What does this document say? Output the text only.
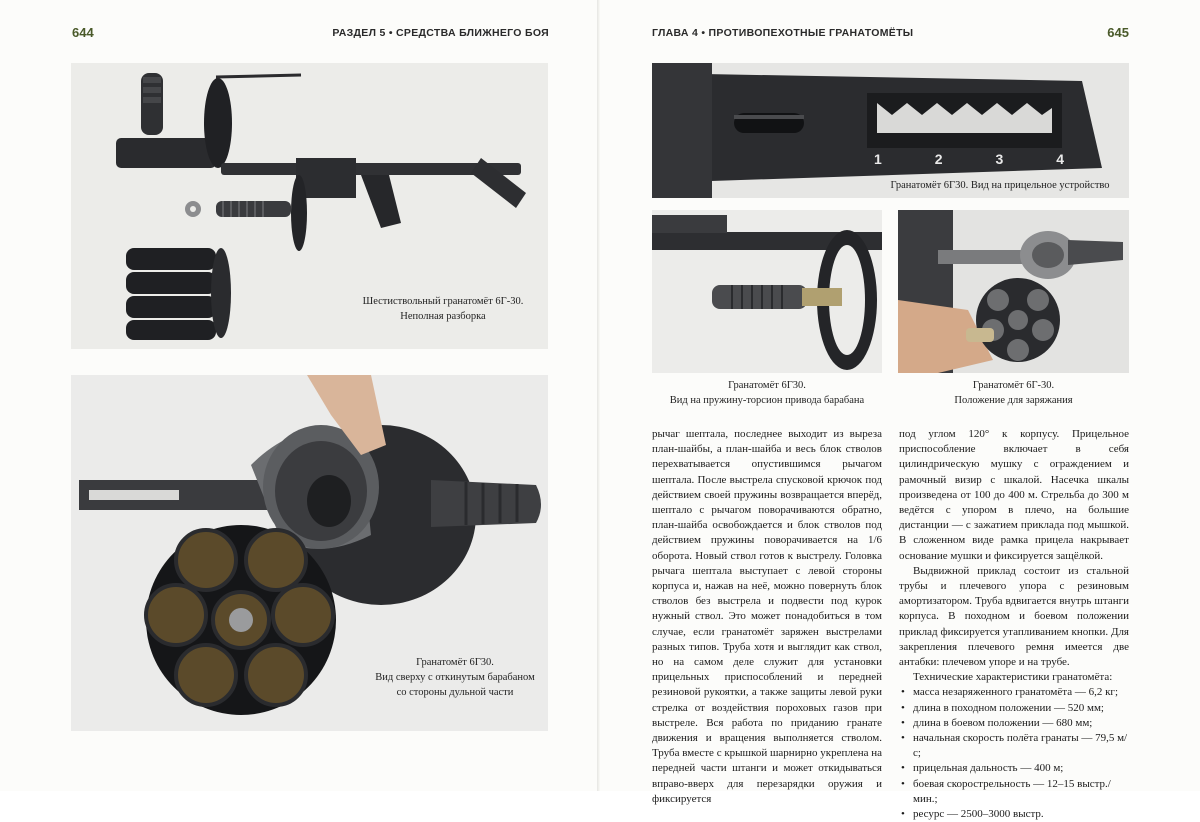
644	РАЗДЕЛ 5 • СРЕДСТВА БЛИЖНЕГО БОЯ
Шестиствольный гранатомёт 6Г-30.
Неполная разборка
Гранатомёт 6Г30.
Вид сверху с откинутым барабаном
со стороны дульной части
ГЛАВА 4 • ПРОТИВОПЕХОТНЫЕ ГРАНАТОМЁТЫ	645
1	2	3	4
Гранатомёт 6Г30. Вид на прицельное устройство
Гранатомёт 6Г30.
Вид на пружину-торсион привода барабана
Гранатомёт 6Г-30.
Положение для заряжания

рычаг шептала, последнее выходит из выреза план-шайбы, а план-шайба и весь блок стволов перехватывается опустившимся рычагом шептала. После выстрела спусковой крючок под действием своей пружины возвращается вперёд, шептало с рычагом поворачиваются обратно, план-шайба освобождается и блок стволов под действием пружины поворачивается на 1/6 оборота. Новый ствол готов к выстрелу. Головка рычага шептала выступает с левой стороны корпуса и, нажав на неё, можно повернуть блок стволов без выстрела и подвести под курок нужный ствол. Это может понадобиться в том случае, если гранатомёт заряжен выстрелами разных типов. Труба хотя и выглядит как ствол, но на самом деле служит для установки прицельных приспособлений и передней резиновой рукоятки, а также защиты левой руки стрелка от воздействия пороховых газов при выстреле. Вся работа по приданию гранате движения и вращения выполняется стволом. Труба вместе с крышкой шарнирно укреплена на передней части штанги и может откидываться вправо-вверх для перезарядки оружия и фиксируется

под углом 120° к корпусу. Прицельное приспособление включает в себя цилиндрическую мушку с ограждением и рамочный визир с шкалой. Насечка шкалы произведена от 100 до 400 м. Стрельба до 300 м ведётся с упором в плечо, на большие дистанции — с зажатием приклада под мышкой. В сложенном виде рамка прицела накрывает основание мушки и фиксируется защёлкой.

Выдвижной приклад состоит из стальной трубы и плечевого упора с резиновым амортизатором. Труба вдвигается внутрь штанги корпуса. В походном и боевом положении приклад фиксируется утапливанием кнопки. Для закрепления плечевого ремня имеется две антабки: плечевом упоре и на трубе.

Технические характеристики гранатомёта:

• масса незаряженного гранатомёта — 6,2 кг;
• длина в походном положении — 520 мм;
• длина в боевом положении — 680 мм;
• начальная скорость полёта гранаты — 79,5 м/с;
• прицельная дальность — 400 м;
• боевая скорострельность — 12–15 выстр./мин.;
• ресурс — 2500–3000 выстр.
